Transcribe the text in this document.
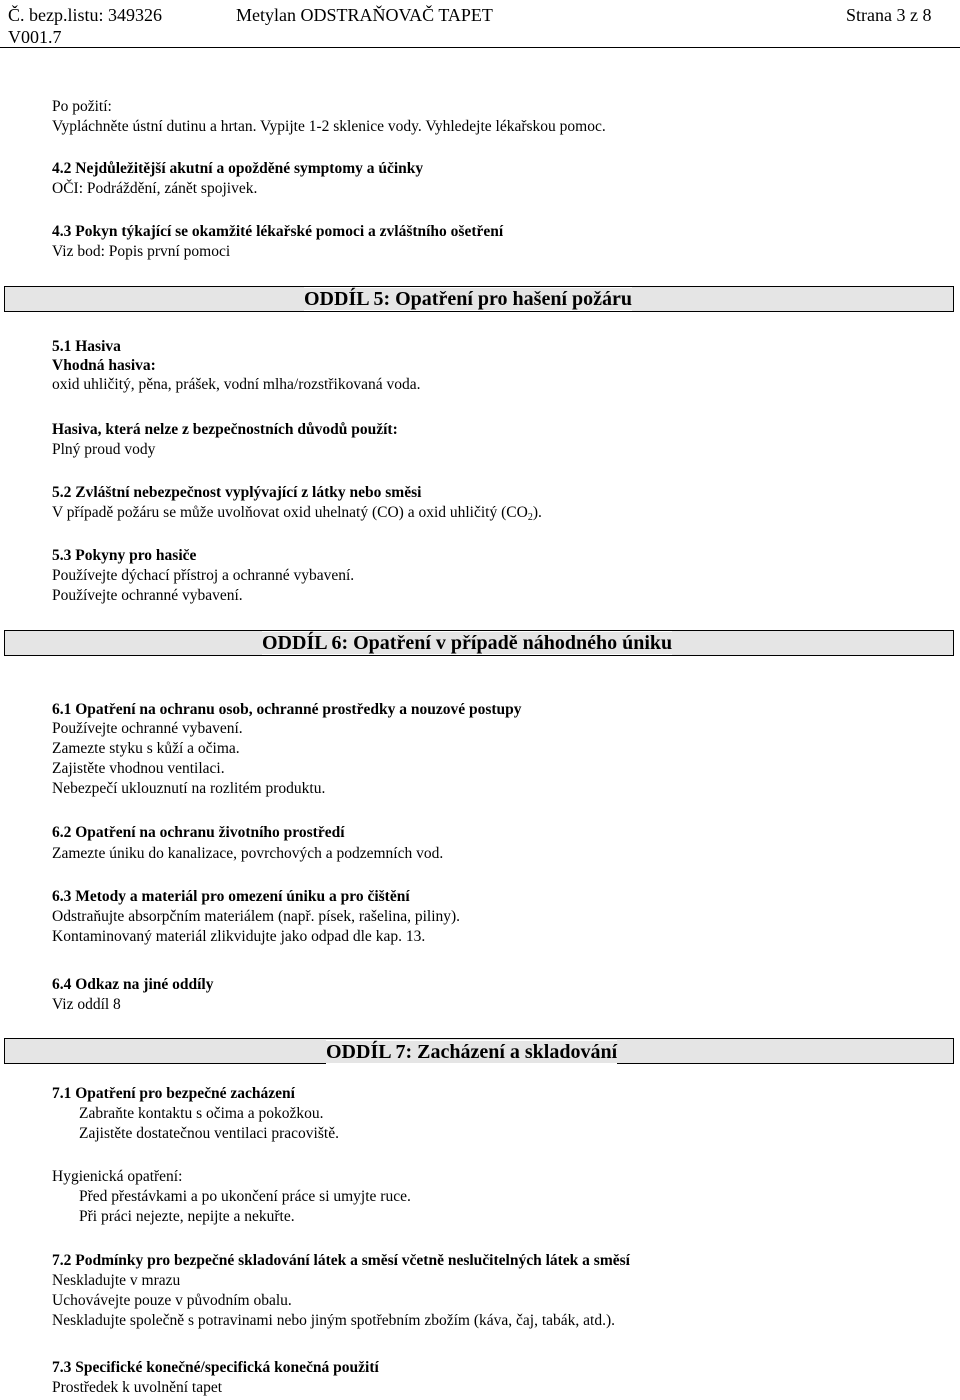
Č. bezp.listu: 349326
V001.7
Metylan ODSTRAŇOVAČ TAPET	Strana 3 z 8
Po požití:
Vypláchněte ústní dutinu a hrtan. Vypijte 1-2 sklenice vody. Vyhledejte lékařskou pomoc.
4.2 Nejdůležitější akutní a opožděné symptomy a účinky
OČI: Podráždění, zánět spojivek.
4.3 Pokyn týkající se okamžité lékařské pomoci a zvláštního ošetření
Viz bod: Popis první pomoci
ODDÍL 5: Opatření pro hašení požáru
5.1 Hasiva
Vhodná hasiva:
oxid uhličitý, pěna, prášek, vodní mlha/rozstřikovaná voda.
Hasiva, která nelze z bezpečnostních důvodů použít:
Plný proud vody
5.2 Zvláštní nebezpečnost vyplývající z látky nebo směsi
V případě požáru se může uvolňovat oxid uhelnatý (CO) a oxid uhličitý (CO2).
5.3 Pokyny pro hasiče
Používejte dýchací přístroj a ochranné vybavení.
Používejte ochranné vybavení.
ODDÍL 6: Opatření v případě náhodného úniku
6.1 Opatření na ochranu osob, ochranné prostředky a nouzové postupy
Používejte ochranné vybavení.
Zamezte styku s kůží a očima.
Zajistěte vhodnou ventilaci.
Nebezpečí uklouznutí na rozlitém produktu.
6.2 Opatření na ochranu životního prostředí
Zamezte úniku do kanalizace, povrchových a podzemních vod.
6.3 Metody a materiál pro omezení úniku a pro čištění
Odstraňujte absorpčním materiálem (např. písek, rašelina, piliny).
Kontaminovaný materiál zlikvidujte jako odpad dle kap. 13.
6.4 Odkaz na jiné oddíly
Viz oddíl 8
ODDÍL 7: Zacházení a skladování
7.1 Opatření pro bezpečné zacházení
Zabraňte kontaktu s očima a pokožkou.
Zajistěte dostatečnou ventilaci pracoviště.
Hygienická opatření:
Před přestávkami a po ukončení práce si umyjte ruce.
Při práci nejezte, nepijte a nekuřte.
7.2 Podmínky pro bezpečné skladování látek a směsí včetně neslučitelných látek a směsí
Neskladujte v mrazu
Uchovávejte pouze v původním obalu.
Neskladujte společně s potravinami nebo jiným spotřebním zbožím (káva, čaj, tabák, atd.).
7.3 Specifické konečné/specifická konečná použití
Prostředek k uvolnění tapet
